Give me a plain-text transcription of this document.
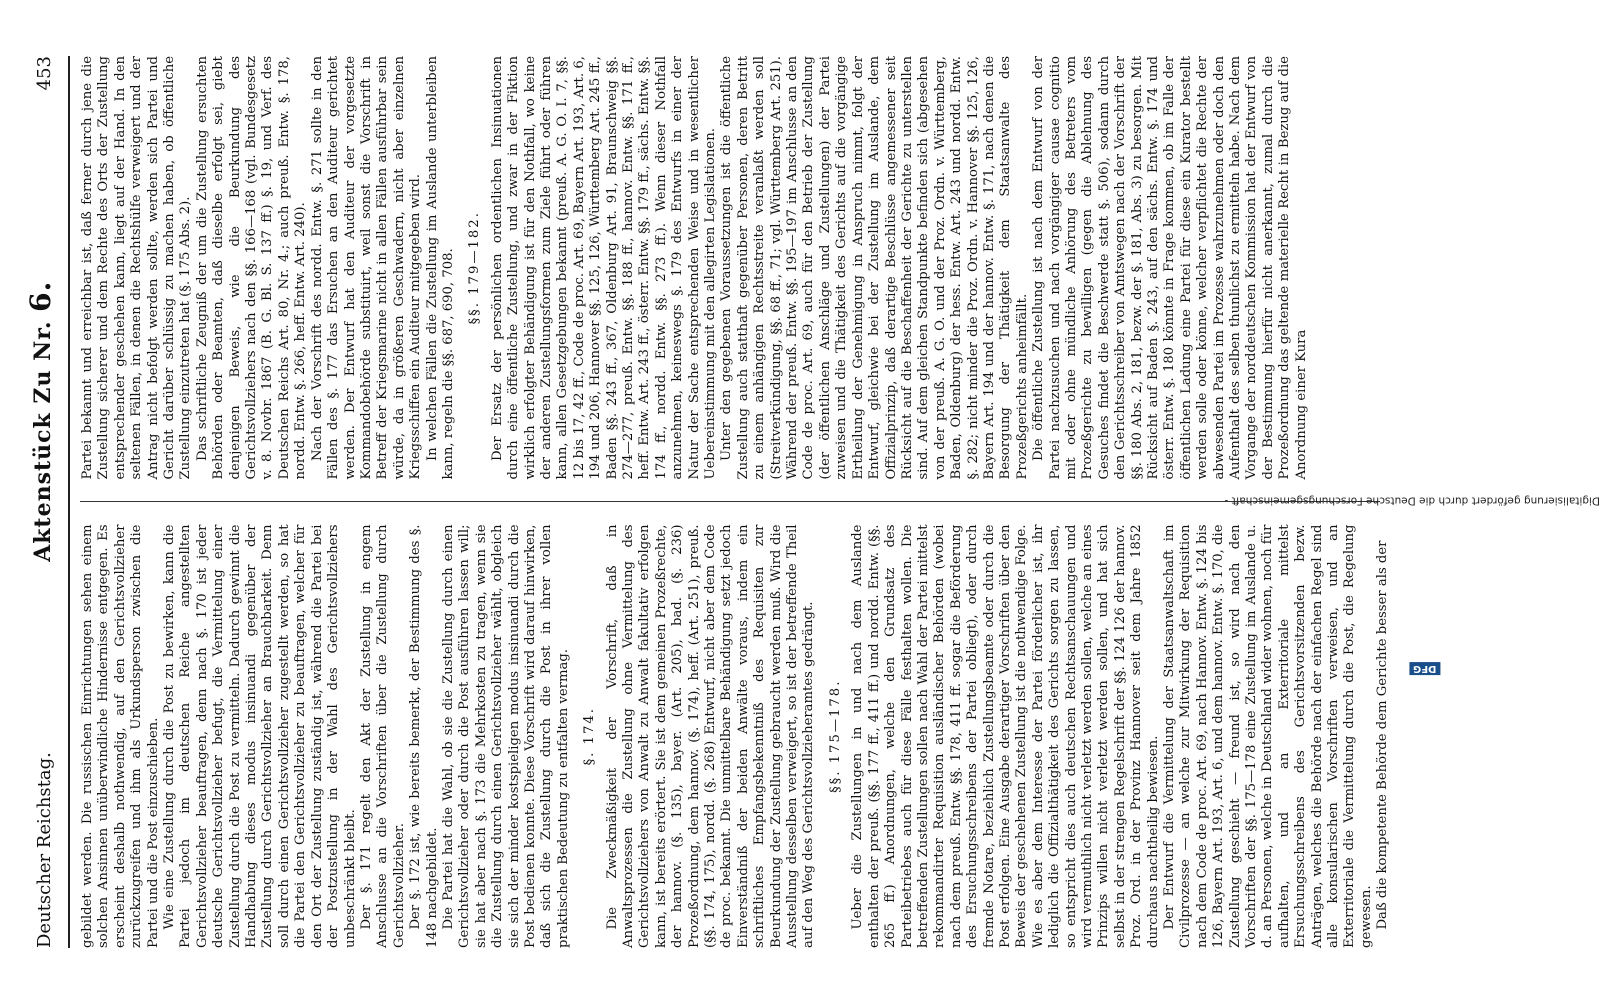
Deutscher Reichstag.
Aktenstück Zu Nr. 6.
453

gebildet werden. Die russischen Einrichtungen sehen einem solchen Ansinnen unüberwindliche Hindernisse entgegen. Es erscheint deshalb nothwendig, auf den Gerichtsvollzieher zurückzugreifen und ihm als Urkundsperson zwischen die Partei und die Post einzuschieben. Wie eine Zustellung durch die Post zu bewirken, kann die Partei jedoch im deutschen Reiche angestellten Gerichtsvollzieher beauftragen, denn nach §. 170 ist jeder deutsche Gerichtsvollzieher befugt, die Vermittelung einer Zustellung durch die Post zu vermitteln. Dadurch gewinnt die Handhabung dieses modus insinuandi gegenüber der Zustellung durch Gerichtsvollzieher an Brauchbarkeit. Denn soll durch einen Gerichtsvollzieher zugestellt werden, so hat die Partei den Gerichtsvollzieher zu beauftragen, welcher für den Ort der Zustellung zuständig ist, während die Partei bei der Postzustellung in der Wahl des Gerichtsvollziehers unbeschränkt bleibt. Der §. 171 regelt den Akt der Zustellung in engem Anschlusse an die Vorschriften über die Zustellung durch Gerichtsvollzieher. Der §. 172 ist, wie bereits bemerkt, der Bestimmung des §. 148 nachgebildet. Die Partei hat die Wahl, ob sie die Zustellung durch einen Gerichtsvollzieher oder durch die Post ausführen lassen will; sie hat aber nach §. 173 die Mehrkosten zu tragen, wenn sie die Zustellung durch einen Gerichtsvollzieher wählt, obgleich sie sich der minder kostspieligen modus insinuandi durch die Post bedienen konnte. Diese Vorschrift wird darauf hinwirken, daß sich die Zustellung durch die Post in ihrer vollen praktischen Bedeutung zu entfalten vermag. §. 174. Die Zweckmäßigkeit der Vorschrift, daß in Anwaltsprozessen die Zustellung ohne Vermittelung des Gerichtsvollziehers von Anwalt zu Anwalt fakultativ erfolgen kann, ist bereits erörtert. Sie ist dem gemeinen Prozeßrechte, der hannov. (§. 135), bayer. (Art. 205), bad. (§. 236) Prozeßordnung, dem hannov. (§. 174), heff. (Art. 251), preuß. (§§. 174, 175), nordd. (§. 268) Entwurf, nicht aber dem Code de proc. bekannt. Die unmittelbare Behändigung setzt jedoch Einverständniß der beiden Anwälte voraus, indem ein schriftliches Empfangsbekenntniß des Requisiten zur Beurkundung der Zustellung gebraucht werden muß. Wird die Ausstellung desselben verweigert, so ist der betreffende Theil auf den Weg des Gerichtsvollzieheramtes gedrängt. §§. 175—178. Ueber die Zustellungen in und nach dem Auslande enthalten der preuß. (§§. 177 ff., 411 ff.) und nordd. Entw. (§§. 265 ff.) Anordnungen, welche den Grundsatz des Parteibetriebes auch für diese Fälle festhalten wollen. Die betreffenden Zustellungen sollen nach Wahl der Partei mittelst rekommandirter Requisition ausländischer Behörden (wobei nach dem preuß. Entw. §§. 178, 411 ff. sogar die Beförderung des Ersuchungsschreibens der Partei obliegt), oder durch fremde Notare, beziehlich Zustellungsbeamte oder durch die Post erfolgen. Eine Ausgabe derartiger Vorschriften über den Beweis der geschehenen Zustellung ist die nothwendige Folge. Wie es aber dem Interesse der Partei förderlicher ist, ihr lediglich die Offizialthätigkeit des Gerichts sorgen zu lassen, so entspricht dies auch deutschen Rechtsanschauungen und wird vermuthlich nicht verletzt werden sollen, welche an eines Prinzips willen nicht verletzt werden sollen, und hat sich selbst in der strengen Regelschrift der §§. 124 126 der hannov. Proz. Ord. in der Provinz Hannover seit dem Jahre 1852 durchaus nachtheilig bewiesen. Der Entwurf die Vermittelung der Staatsanwaltschaft im Civilprozesse — an welche zur Mitwirkung der Requisition nach dem Code de proc. Art. 69, nach Hannov. Entw. §. 124 bis 126, Bayern Art. 193, Art. 6, und dem hannov. Entw. §. 170, die Zustellung geschieht — freund ist, so wird nach den Vorschriften der §§. 175—178 eine Zustellung im Auslande u. d. an Personen, welche in Deutschland wider wohnen, noch für aufhalten, und an Exterritoriale mittelst Ersuchungsschreibens des Gerichtsvorsitzenden bezw. Anträgen, welches die Behörde nach der einfachen Regel sind alle konsularischen Vorschriften verweisen, und an Exterritoriale die Vermittelung durch die Post, die Regelung gewesen. Daß die kompetente Behörde dem Gerichte besser als der

Partei bekannt und erreichbar ist, daß ferner durch jene die Zustellung sicherer und dem Rechte des Orts der Zustellung entsprechender geschehen kann, liegt auf der Hand. In den seltenen Fällen, in denen die Rechtshülfe verweigert und der Antrag nicht befolgt werden sollte, werden sich Partei und Gericht darüber schlüssig zu machen haben, ob öffentliche Zustellung einzutreten hat (§. 175 Abs. 2). Das schriftliche Zeugniß der um die Zustellung ersuchten Behörden oder Beamten, daß dieselbe erfolgt sei, giebt denjenigen Beweis, wie die Beurkundung des Gerichtsvollziehers nach den §§. 166—168 (vgl. Bundesgesetz v. 8. Novbr. 1867 (B. G. Bl. S. 137 ff.) §. 19, und Verf. des Deutschen Reichs Art. 80, Nr. 4.; auch preuß. Entw. §. 178, nordd. Entw. §. 266, heff. Entw. Art. 240). Nach der Vorschrift des nordd. Entw. §. 271 sollte in den Fällen des §. 177 das Ersuchen an den Auditeur gerichtet werden. Der Entwurf hat den Auditeur der vorgesetzte Kommandobehörde substituirt, weil sonst die Vorschrift in Betreff der Kriegsmarine nicht in allen Fällen ausführbar sein würde, da in größeren Geschwadern, nicht aber einzelnen Kriegsschiffen ein Auditeur mitgegeben wird. In welchen Fällen die Zustellung im Auslande unterbleiben kann, regeln die §§. 687, 690, 708. §§. 179—182. Der Ersatz der persönlichen ordentlichen Insinuationen durch eine öffentliche Zustellung, und zwar in der Fiktion wirklich erfolgter Behändigung ist für den Nothfall, wo keine der anderen Zustellungsformen zum Ziele führt oder führen kann, allen Gesetzgebungen bekannt (preuß. A. G. O. I. 7, §§. 12 bis 17, 42 ff., Code de proc. Art. 69, Bayern Art. 193, Art. 6, 194 und 206, Hannover §§. 125, 126, Württemberg Art. 245 ff., Baden §§. 243 ff., 367, Oldenburg Art. 91, Braunschweig §§. 274—277, preuß. Entw. §§. 188 ff., hannov. Entw. §§. 171 ff., heff. Entw. Art. 243 ff., österr. Entw. §§. 179 ff., sächs. Entw. §§. 174 ff., nordd. Entw. §§. 273 ff.). Wenn dieser Nothfall anzunehmen, keineswegs §. 179 des Entwurfs in einer der Natur der Sache entsprechenden Weise und in wesentlicher Uebereinstimmung mit den allegirten Legislationen. Unter den gegebenen Voraussetzungen ist die öffentliche Zustellung auch statthaft gegenüber Personen, deren Betritt zu einem anhängigen Rechtsstreite veranlaßt werden soll (Streitverkündigung, §§. 68 ff., 71; vgl. Württemberg Art. 251). Während der preuß. Entw. §§. 195—197 im Anschlusse an den Code de proc. Art. 69, auch für den Betrieb der Zustellung (der öffentlichen Anschläge und Zustellungen) der Partei zuweisen und die Thätigkeit des Gerichts auf die vorgängige Ertheilung der Genehmigung in Anspruch nimmt, folgt der Entwurf, gleichwie bei der Zustellung im Auslande, dem Offizialprinzip, daß derartige Beschlüsse angemessener seit Rücksicht auf die Beschaffenheit der Gerichte zu unterstellen sind. Auf dem gleichen Standpunkte befinden sich (abgesehen von der preuß. A. G. O. und der Proz. Ordn. v. Württemberg, Baden, Oldenburg) der hess. Entw. Art. 243 und nordd. Entw. §. 282; nicht minder die Proz. Ordn. v. Hannover §§. 125, 126, Bayern Art. 194 und der hannov. Entw. §. 171, nach denen die Besorgung der Thätigkeit dem Staatsanwalte des Prozeßgerichts anheimfällt. Die öffentliche Zustellung ist nach dem Entwurf von der Partei nachzusuchen und nach vorgängiger causae cognitio mit oder ohne mündliche Anhörung des Betreters vom Prozeßgerichte zu bewilligen (gegen die Ablehnung des Gesuches findet die Beschwerde statt §. 506), sodann durch den Gerichtsschreiber von Amtswegen nach der Vorschrift der §§. 180 Abs. 2, 181, bezw. der §. 181, Abs. 3) zu besorgen. Mit Rücksicht auf Baden §. 243, auf den sächs. Entw. §. 174 und österr. Entw. §. 180 könnte in Frage kommen, ob im Falle der öffentlichen Ladung eine Partei für diese ein Kurator bestellt werden solle oder könne, welcher verpflichtet die Rechte der abwesenden Partei im Prozesse wahrzunehmen oder doch den Aufenthalt des selben thunlichst zu ermitteln habe. Nach dem Vorgange der norddeutschen Kommission hat der Entwurf von der Bestimmung hierfür nicht anerkannt, zumal durch die Prozeßordnung das geltende materielle Recht in Bezug auf die Anordnung einer Kura

Digitalisierung gefördert durch die Deutsche Forschungsgemeinschaft -
DFG
